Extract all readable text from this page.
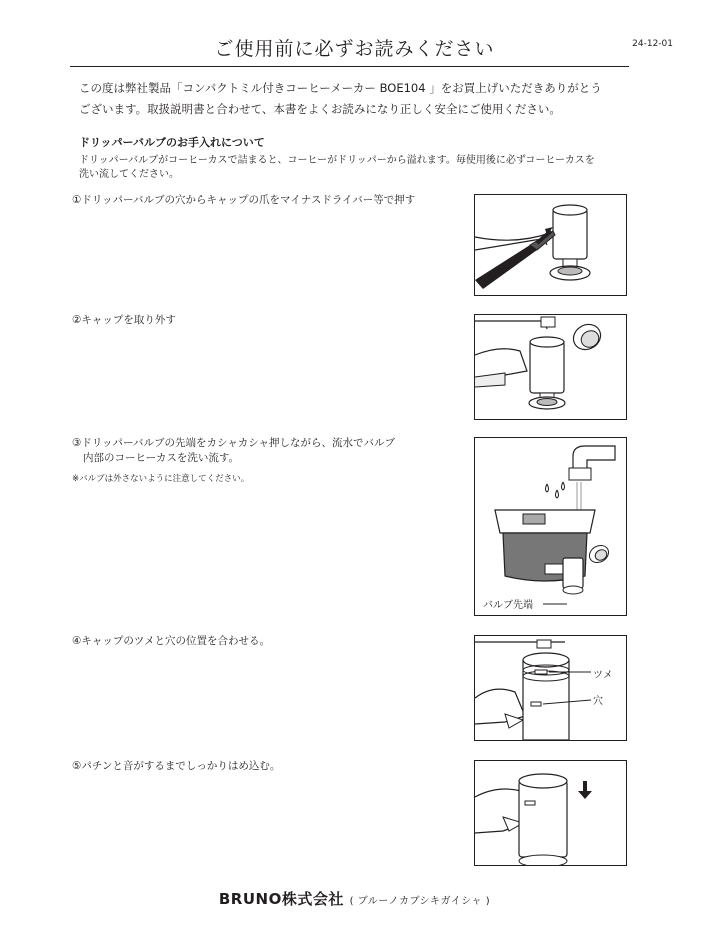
ご使用前に必ずお読みください	24-12-01
この度は弊社製品「コンパクトミル付きコーヒーメーカー BOE104 」をお買上げいただきありがとう
ございます。取扱説明書と合わせて、本書をよくお読みになり正しく安全にご使用ください。
ドリッパーバルブのお手入れについて
ドリッパーバルブがコーヒーカスで詰まると、コーヒーがドリッパーから溢れます。毎使用後に必ずコーヒーカスを
洗い流してください。
①ドリッパーバルブの穴からキャップの爪をマイナスドライバー等で押す
②キャップを取り外す
③ドリッパーバルブの先端をカシャカシャ押しながら、流水でバルブ
内部のコーヒーカスを洗い流す。
※バルブは外さないように注意してください。
④キャップのツメと穴の位置を合わせる。
⑤パチンと音がするまでしっかりはめ込む。
バルブ先端
ツメ
穴
BRUNO株式会社 ( ブルーノカブシキガイシャ )
